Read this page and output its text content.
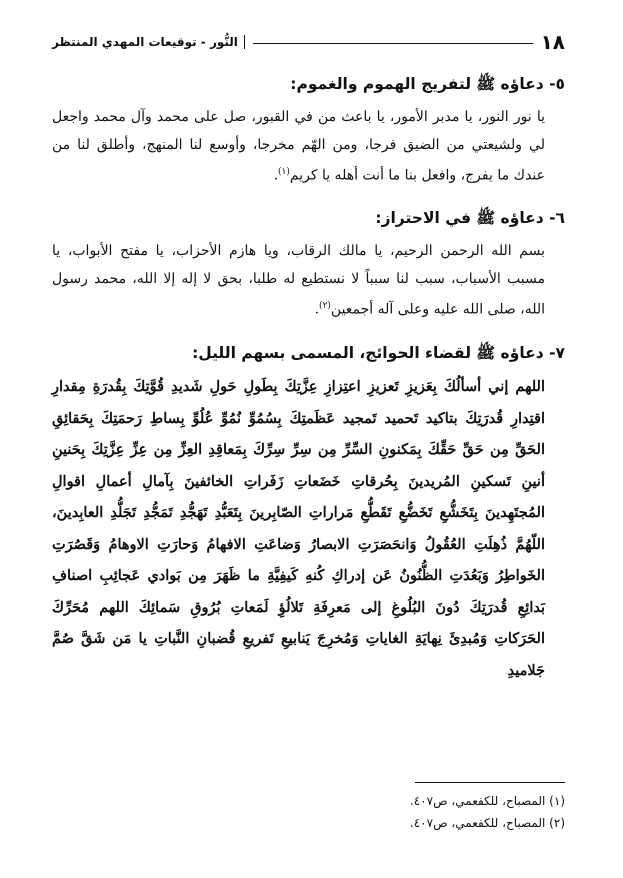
١٨
النُّور - توقيعات المهدي المنتظر
٥- دعاؤه ﷺ لتفريج الهموم والغموم:

يا نور النور، يا مدبر الأمور، يا باعث من في القبور، صل على محمد وآل محمد واجعل لي ولشيعتي من الضيق فرجا، ومن الهّم مخرجا، وأوسع لنا المنهج، وأطلق لنا من عندك ما يفرج، وافعل بنا ما أنت أهله يا كريم$^{(١)}$.

٦- دعاؤه ﷺ في الاحتراز:

بسم الله الرحمن الرحيم، يا مالك الرقاب، ويا هازم الأحزاب، يا مفتح الأبواب، يا مسبب الأسباب، سبب لنا سبباً لا نستطيع له طلبا، بحق لا إله إلا الله، محمد رسول الله، صلى الله عليه وعلى آله أجمعين$^{(٢)}$.

٧- دعاؤه ﷺ لقضاء الحوائج، المسمى بسهم الليل:

اللهم إني أسألُكَ بِعَزيزِ تَعزيزِ اعتِزازِ عِزَّتِكَ بِطَولِ حَولِ شَديدِ قُوَّتِكَ بِقُدرَةِ مِقدارِ اقتِدارِ قُدرَتِكَ بتاكيد تَحميد تَمجيد عَظَمتِكَ بِسُمُوِّ نُمُوِّ عُلُوِّ بِساطِ رَحمَتِكَ بِحَقائِقِ الحَقِّ مِن حَقِّ حَقِّكَ بِمَكنونِ السِّرِّ مِن سِرِّ سِرِّكَ بِمَعاقِدِ العِزِّ مِن عِزِّ عِزَّتِكَ بِحَنينِ أنينِ تَسكينِ المُريدينَ بِحُرقاتِ خَضَعاتِ زَفَراتِ الخائفينَ بِآمالِ أعمالِ اقوالِ المُجتَهِدينَ بِتَخَشُّعِ تَخَضُّعِ تَقَطُّعِ مَراراتِ الصّابِرينَ بِتَعَبُّدِ تَهَجُّدِ تَمَجُّدِ تَجَلُّدِ العابِدينَ، اللّهُمَّ ذُهِلَتِ العُقُولُ وَانحَصَرَتِ الابصارُ وَضاعَتِ الافهامُ وَحارَتِ الاوهامُ وَقَصُرَتِ الخَواطِرُ وَبَعُدَتِ الظُّنُونُ عَن إدراكِ كُنهِ كَيفِيَّةِ ما ظَهَرَ مِن بَوادي عَجائِبِ اصنافِ بَدائِعِ قُدرَتِكَ دُونَ البُلُوغِ إلى مَعرِفَةِ تَلالُؤِ لَمَعاتِ بُرُوقِ سَمائِكَ اللهم مُحَرِّكَ الحَرَكاتِ وَمُبدِئَ نِهايَةِ الغاياتِ وَمُخرِجَ يَنابيعِ تَفريعِ قُضبانِ النَّباتِ يا مَن شَقَّ صُمَّ جَلاميدِ

(١) المصباح، للكفعمي، ص٤٠٧.

(٢) المصباح، للكفعمي، ص٤٠٧.
